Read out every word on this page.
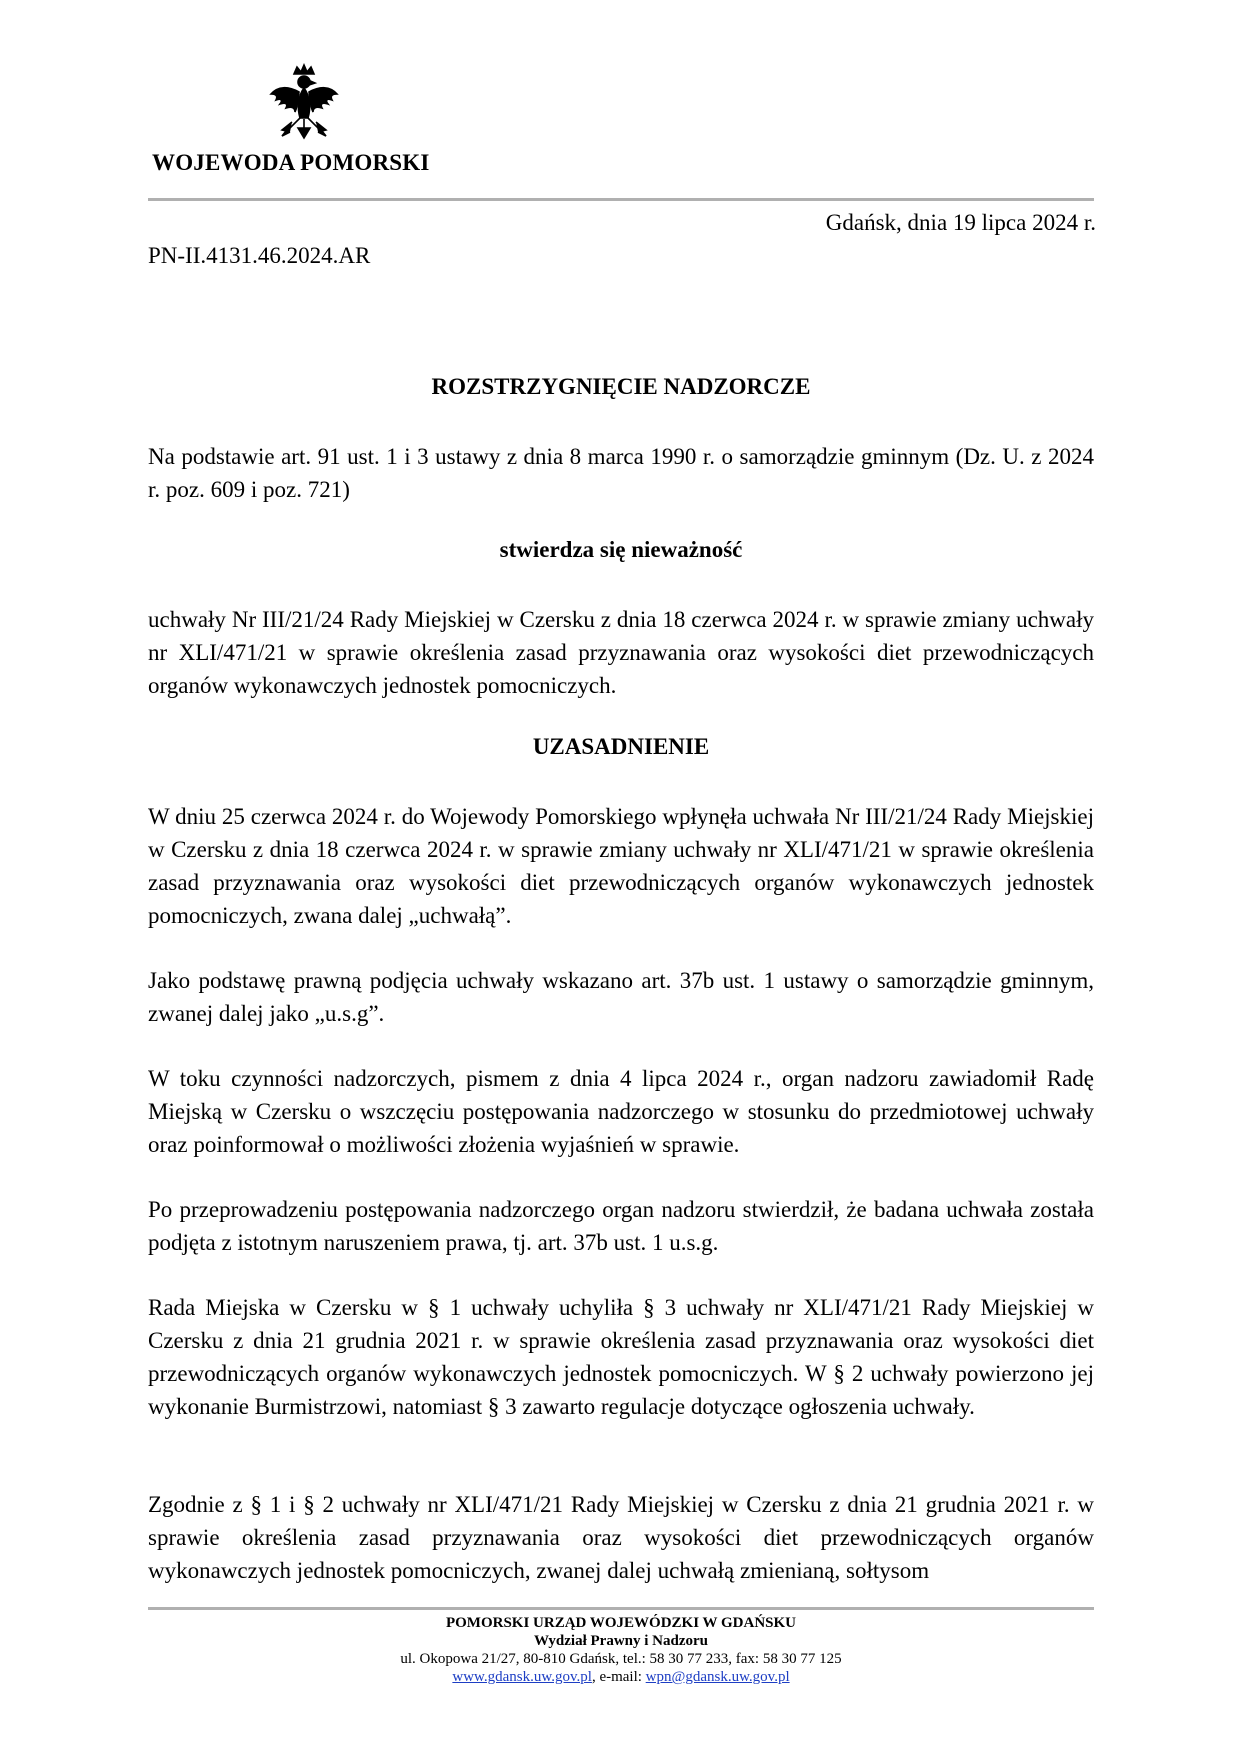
WOJEWODA POMORSKI
Gdańsk, dnia 19 lipca 2024 r.
PN-II.4131.46.2024.AR
ROZSTRZYGNIĘCIE NADZORCZE
Na podstawie art. 91 ust. 1 i 3 ustawy z dnia 8 marca 1990 r. o samorządzie gminnym (Dz. U. z 2024 r. poz. 609 i poz. 721)
stwierdza się nieważność
uchwały Nr III/21/24 Rady Miejskiej w Czersku z dnia 18 czerwca 2024 r. w sprawie zmiany uchwały nr XLI/471/21 w sprawie określenia zasad przyznawania oraz wysokości diet przewodniczących organów wykonawczych jednostek pomocniczych.
UZASADNIENIE
W dniu 25 czerwca 2024 r. do Wojewody Pomorskiego wpłynęła uchwała Nr III/21/24 Rady Miejskiej w Czersku z dnia 18 czerwca 2024 r. w sprawie zmiany uchwały nr XLI/471/21 w sprawie określenia zasad przyznawania oraz wysokości diet przewodniczących organów wykonawczych jednostek pomocniczych, zwana dalej „uchwałą”.
Jako podstawę prawną podjęcia uchwały wskazano art. 37b ust. 1 ustawy o samorządzie gminnym, zwanej dalej jako „u.s.g”.
W toku czynności nadzorczych, pismem z dnia 4 lipca 2024 r., organ nadzoru zawiadomił Radę Miejską w Czersku o wszczęciu postępowania nadzorczego w stosunku do przedmiotowej uchwały oraz poinformował o możliwości złożenia wyjaśnień w sprawie.
Po przeprowadzeniu postępowania nadzorczego organ nadzoru stwierdził, że badana uchwała została podjęta z istotnym naruszeniem prawa, tj. art. 37b ust. 1 u.s.g.
Rada Miejska w Czersku w § 1 uchwały uchyliła § 3 uchwały nr XLI/471/21 Rady Miejskiej w Czersku z dnia 21 grudnia 2021 r. w sprawie określenia zasad przyznawania oraz wysokości diet przewodniczących organów wykonawczych jednostek pomocniczych. W § 2 uchwały powierzono jej wykonanie Burmistrzowi, natomiast § 3 zawarto regulacje dotyczące ogłoszenia uchwały.
Zgodnie z § 1 i § 2 uchwały nr XLI/471/21 Rady Miejskiej w Czersku z dnia 21 grudnia 2021 r. w sprawie określenia zasad przyznawania oraz wysokości diet przewodniczących organów wykonawczych jednostek pomocniczych, zwanej dalej uchwałą zmienianą, sołtysom
POMORSKI URZĄD WOJEWÓDZKI W GDAŃSKU
Wydział Prawny i Nadzoru
ul. Okopowa 21/27, 80-810 Gdańsk, tel.: 58 30 77 233, fax: 58 30 77 125
www.gdansk.uw.gov.pl, e-mail: wpn@gdansk.uw.gov.pl
